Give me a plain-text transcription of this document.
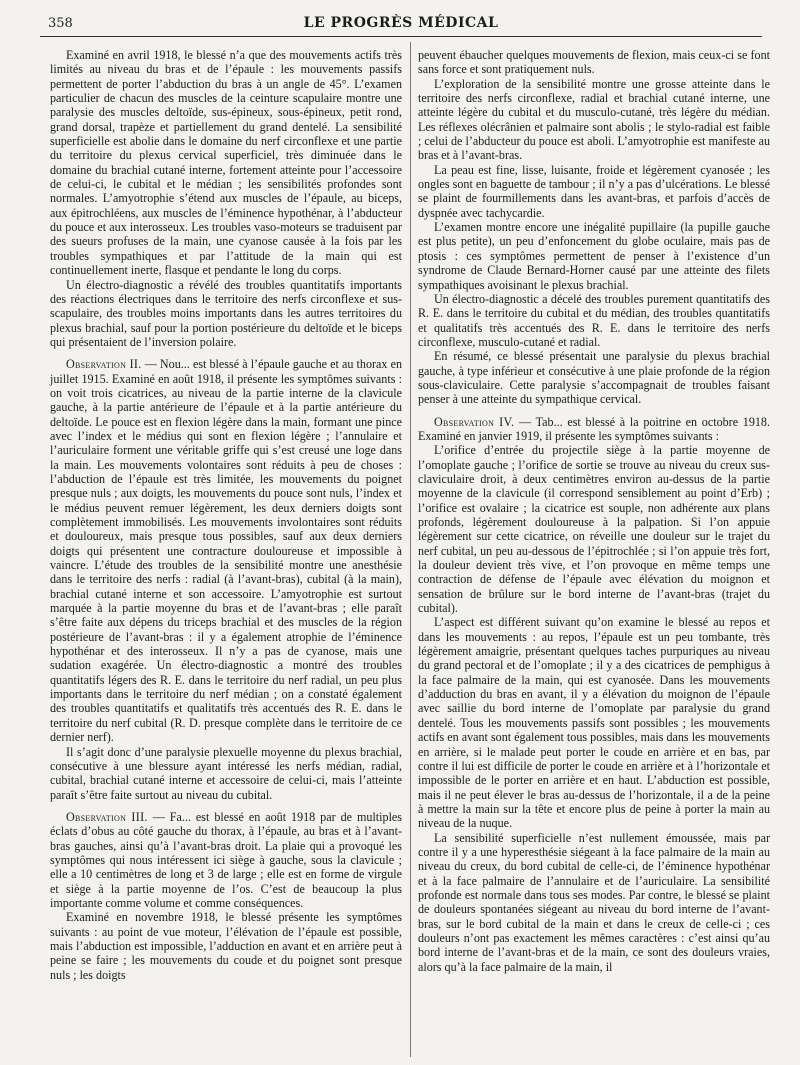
358	LE PROGRÈS MÉDICAL

Examiné en avril 1918, le blessé n’a que des mouvements actifs très limités au niveau du bras et de l’épaule : les mouvements passifs permettent de porter l’abduction du bras à un angle de 45°. L’examen particulier de chacun des muscles de la ceinture scapulaire montre une paralysie des muscles deltoïde, sus-épineux, sous-épineux, petit rond, grand dorsal, trapèze et partiellement du grand dentelé. La sensibilité superficielle est abolie dans le domaine du nerf circonflexe et une partie du territoire du plexus cervical superficiel, très diminuée dans le domaine du brachial cutané interne, fortement atteinte pour l’accessoire de celui-ci, le cubital et le médian ; les sensibilités profondes sont normales. L’amyotrophie s’étend aux muscles de l’épaule, au biceps, aux épitrochléens, aux muscles de l’éminence hypothénar, à l’abducteur du pouce et aux interosseux. Les troubles vaso-moteurs se traduisent par des sueurs profuses de la main, une cyanose causée à la fois par les troubles sympathiques et par l’attitude de la main qui est continuellement inerte, flasque et pendante le long du corps.

Un électro-diagnostic a révélé des troubles quantitatifs importants des réactions électriques dans le territoire des nerfs circonflexe et sus-scapulaire, des troubles moins importants dans les autres territoires du plexus brachial, sauf pour la portion postérieure du deltoïde et le biceps qui présentaient de l’inversion polaire.

Observation II. — Nou... est blessé à l’épaule gauche et au thorax en juillet 1915. Examiné en août 1918, il présente les symptômes suivants : on voit trois cicatrices, au niveau de la partie interne de la clavicule gauche, à la partie antérieure de l’épaule et à la partie antérieure du deltoïde. Le pouce est en flexion légère dans la main, formant une pince avec l’index et le médius qui sont en flexion légère ; l’annulaire et l’auriculaire forment une véritable griffe qui s’est creusé une loge dans la main. Les mouvements volontaires sont réduits à peu de choses : l’abduction de l’épaule est très limitée, les mouvements du poignet presque nuls ; aux doigts, les mouvements du pouce sont nuls, l’index et le médius peuvent remuer légèrement, les deux derniers doigts sont complètement immobilisés. Les mouvements involontaires sont réduits et douloureux, mais presque tous possibles, sauf aux deux derniers doigts qui présentent une contracture douloureuse et impossible à vaincre. L’étude des troubles de la sensibilité montre une anesthésie dans le territoire des nerfs : radial (à l’avant-bras), cubital (à la main), brachial cutané interne et son accessoire. L’amyotrophie est surtout marquée à la partie moyenne du bras et de l’avant-bras ; elle paraît s’être faite aux dépens du triceps brachial et des muscles de la région postérieure de l’avant-bras : il y a également atrophie de l’éminence hypothénar et des interosseux. Il n’y a pas de cyanose, mais une sudation exagérée. Un électro-diagnostic a montré des troubles quantitatifs légers des R. E. dans le territoire du nerf radial, un peu plus importants dans le territoire du nerf médian ; on a constaté également des troubles quantitatifs et qualitatifs très accentués des R. E. dans le territoire du nerf cubital (R. D. presque complète dans le territoire de ce dernier nerf).

Il s’agit donc d’une paralysie plexuelle moyenne du plexus brachial, consécutive à une blessure ayant intéressé les nerfs médian, radial, cubital, brachial cutané interne et accessoire de celui-ci, mais l’atteinte paraît s’être faite surtout au niveau du cubital.

Observation III. — Fa... est blessé en août 1918 par de multiples éclats d’obus au côté gauche du thorax, à l’épaule, au bras et à l’avant-bras gauches, ainsi qu’à l’avant-bras droit. La plaie qui a provoqué les symptômes qui nous intéressent ici siège à gauche, sous la clavicule ; elle a 10 centimètres de long et 3 de large ; elle est en forme de virgule et siège à la partie moyenne de l’os. C’est de beaucoup la plus importante comme volume et comme conséquences.

Examiné en novembre 1918, le blessé présente les symptômes suivants : au point de vue moteur, l’élévation de l’épaule est possible, mais l’abduction est impossible, l’adduction en avant et en arrière peut à peine se faire ; les mouvements du coude et du poignet sont presque nuls ; les doigts

peuvent ébaucher quelques mouvements de flexion, mais ceux-ci se font sans force et sont pratiquement nuls.

L’exploration de la sensibilité montre une grosse atteinte dans le territoire des nerfs circonflexe, radial et brachial cutané interne, une atteinte légère du cubital et du musculo-cutané, très légère du médian. Les réflexes olécrânien et palmaire sont abolis ; le stylo-radial est faible ; celui de l’abducteur du pouce est aboli. L’amyotrophie est manifeste au bras et à l’avant-bras.

La peau est fine, lisse, luisante, froide et légèrement cyanosée ; les ongles sont en baguette de tambour ; il n’y a pas d’ulcérations. Le blessé se plaint de fourmillements dans les avant-bras, et parfois d’accès de dyspnée avec tachycardie.

L’examen montre encore une inégalité pupillaire (la pupille gauche est plus petite), un peu d’enfoncement du globe oculaire, mais pas de ptosis : ces symptômes permettent de penser à l’existence d’un syndrome de Claude Bernard-Horner causé par une atteinte des filets sympathiques avoisinant le plexus brachial.

Un électro-diagnostic a décelé des troubles purement quantitatifs des R. E. dans le territoire du cubital et du médian, des troubles quantitatifs et qualitatifs très accentués des R. E. dans le territoire des nerfs circonflexe, musculo-cutané et radial.

En résumé, ce blessé présentait une paralysie du plexus brachial gauche, à type inférieur et consécutive à une plaie profonde de la région sous-claviculaire. Cette paralysie s’accompagnait de troubles faisant penser à une atteinte du sympathique cervical.

Observation IV. — Tab... est blessé à la poitrine en octobre 1918. Examiné en janvier 1919, il présente les symptômes suivants :

L’orifice d’entrée du projectile siège à la partie moyenne de l’omoplate gauche ; l’orifice de sortie se trouve au niveau du creux sus-claviculaire droit, à deux centimètres environ au-dessus de la partie moyenne de la clavicule (il correspond sensiblement au point d’Erb) ; l’orifice est ovalaire ; la cicatrice est souple, non adhérente aux plans profonds, légèrement douloureuse à la palpation. Si l’on appuie légèrement sur cette cicatrice, on réveille une douleur sur le trajet du nerf cubital, un peu au-dessous de l’épitrochlée ; si l’on appuie très fort, la douleur devient très vive, et l’on provoque en même temps une contraction de défense de l’épaule avec élévation du moignon et sensation de brûlure sur le bord interne de l’avant-bras (trajet du cubital).

L’aspect est différent suivant qu’on examine le blessé au repos et dans les mouvements : au repos, l’épaule est un peu tombante, très légèrement amaigrie, présentant quelques taches purpuriques au niveau du grand pectoral et de l’omoplate ; il y a des cicatrices de pemphigus à la face palmaire de la main, qui est cyanosée. Dans les mouvements d’adduction du bras en avant, il y a élévation du moignon de l’épaule avec saillie du bord interne de l’omoplate par paralysie du grand dentelé. Tous les mouvements passifs sont possibles ; les mouvements actifs en avant sont également tous possibles, mais dans les mouvements en arrière, si le malade peut porter le coude en arrière et en bas, par contre il lui est difficile de porter le coude en arrière et à l’horizontale et impossible de le porter en arrière et en haut. L’abduction est possible, mais il ne peut élever le bras au-dessus de l’horizontale, il a de la peine à mettre la main sur la tête et encore plus de peine à porter la main au niveau de la nuque.

La sensibilité superficielle n’est nullement émoussée, mais par contre il y a une hyperesthésie siégeant à la face palmaire de la main au niveau du creux, du bord cubital de celle-ci, de l’éminence hypothénar et à la face palmaire de l’annulaire et de l’auriculaire. La sensibilité profonde est normale dans tous ses modes. Par contre, le blessé se plaint de douleurs spontanées siégeant au niveau du bord interne de l’avant-bras, sur le bord cubital de la main et dans le creux de celle-ci ; ces douleurs n’ont pas exactement les mêmes caractères : c’est ainsi qu’au bord interne de l’avant-bras et de la main, ce sont des douleurs vraies, alors qu’à la face palmaire de la main, il
